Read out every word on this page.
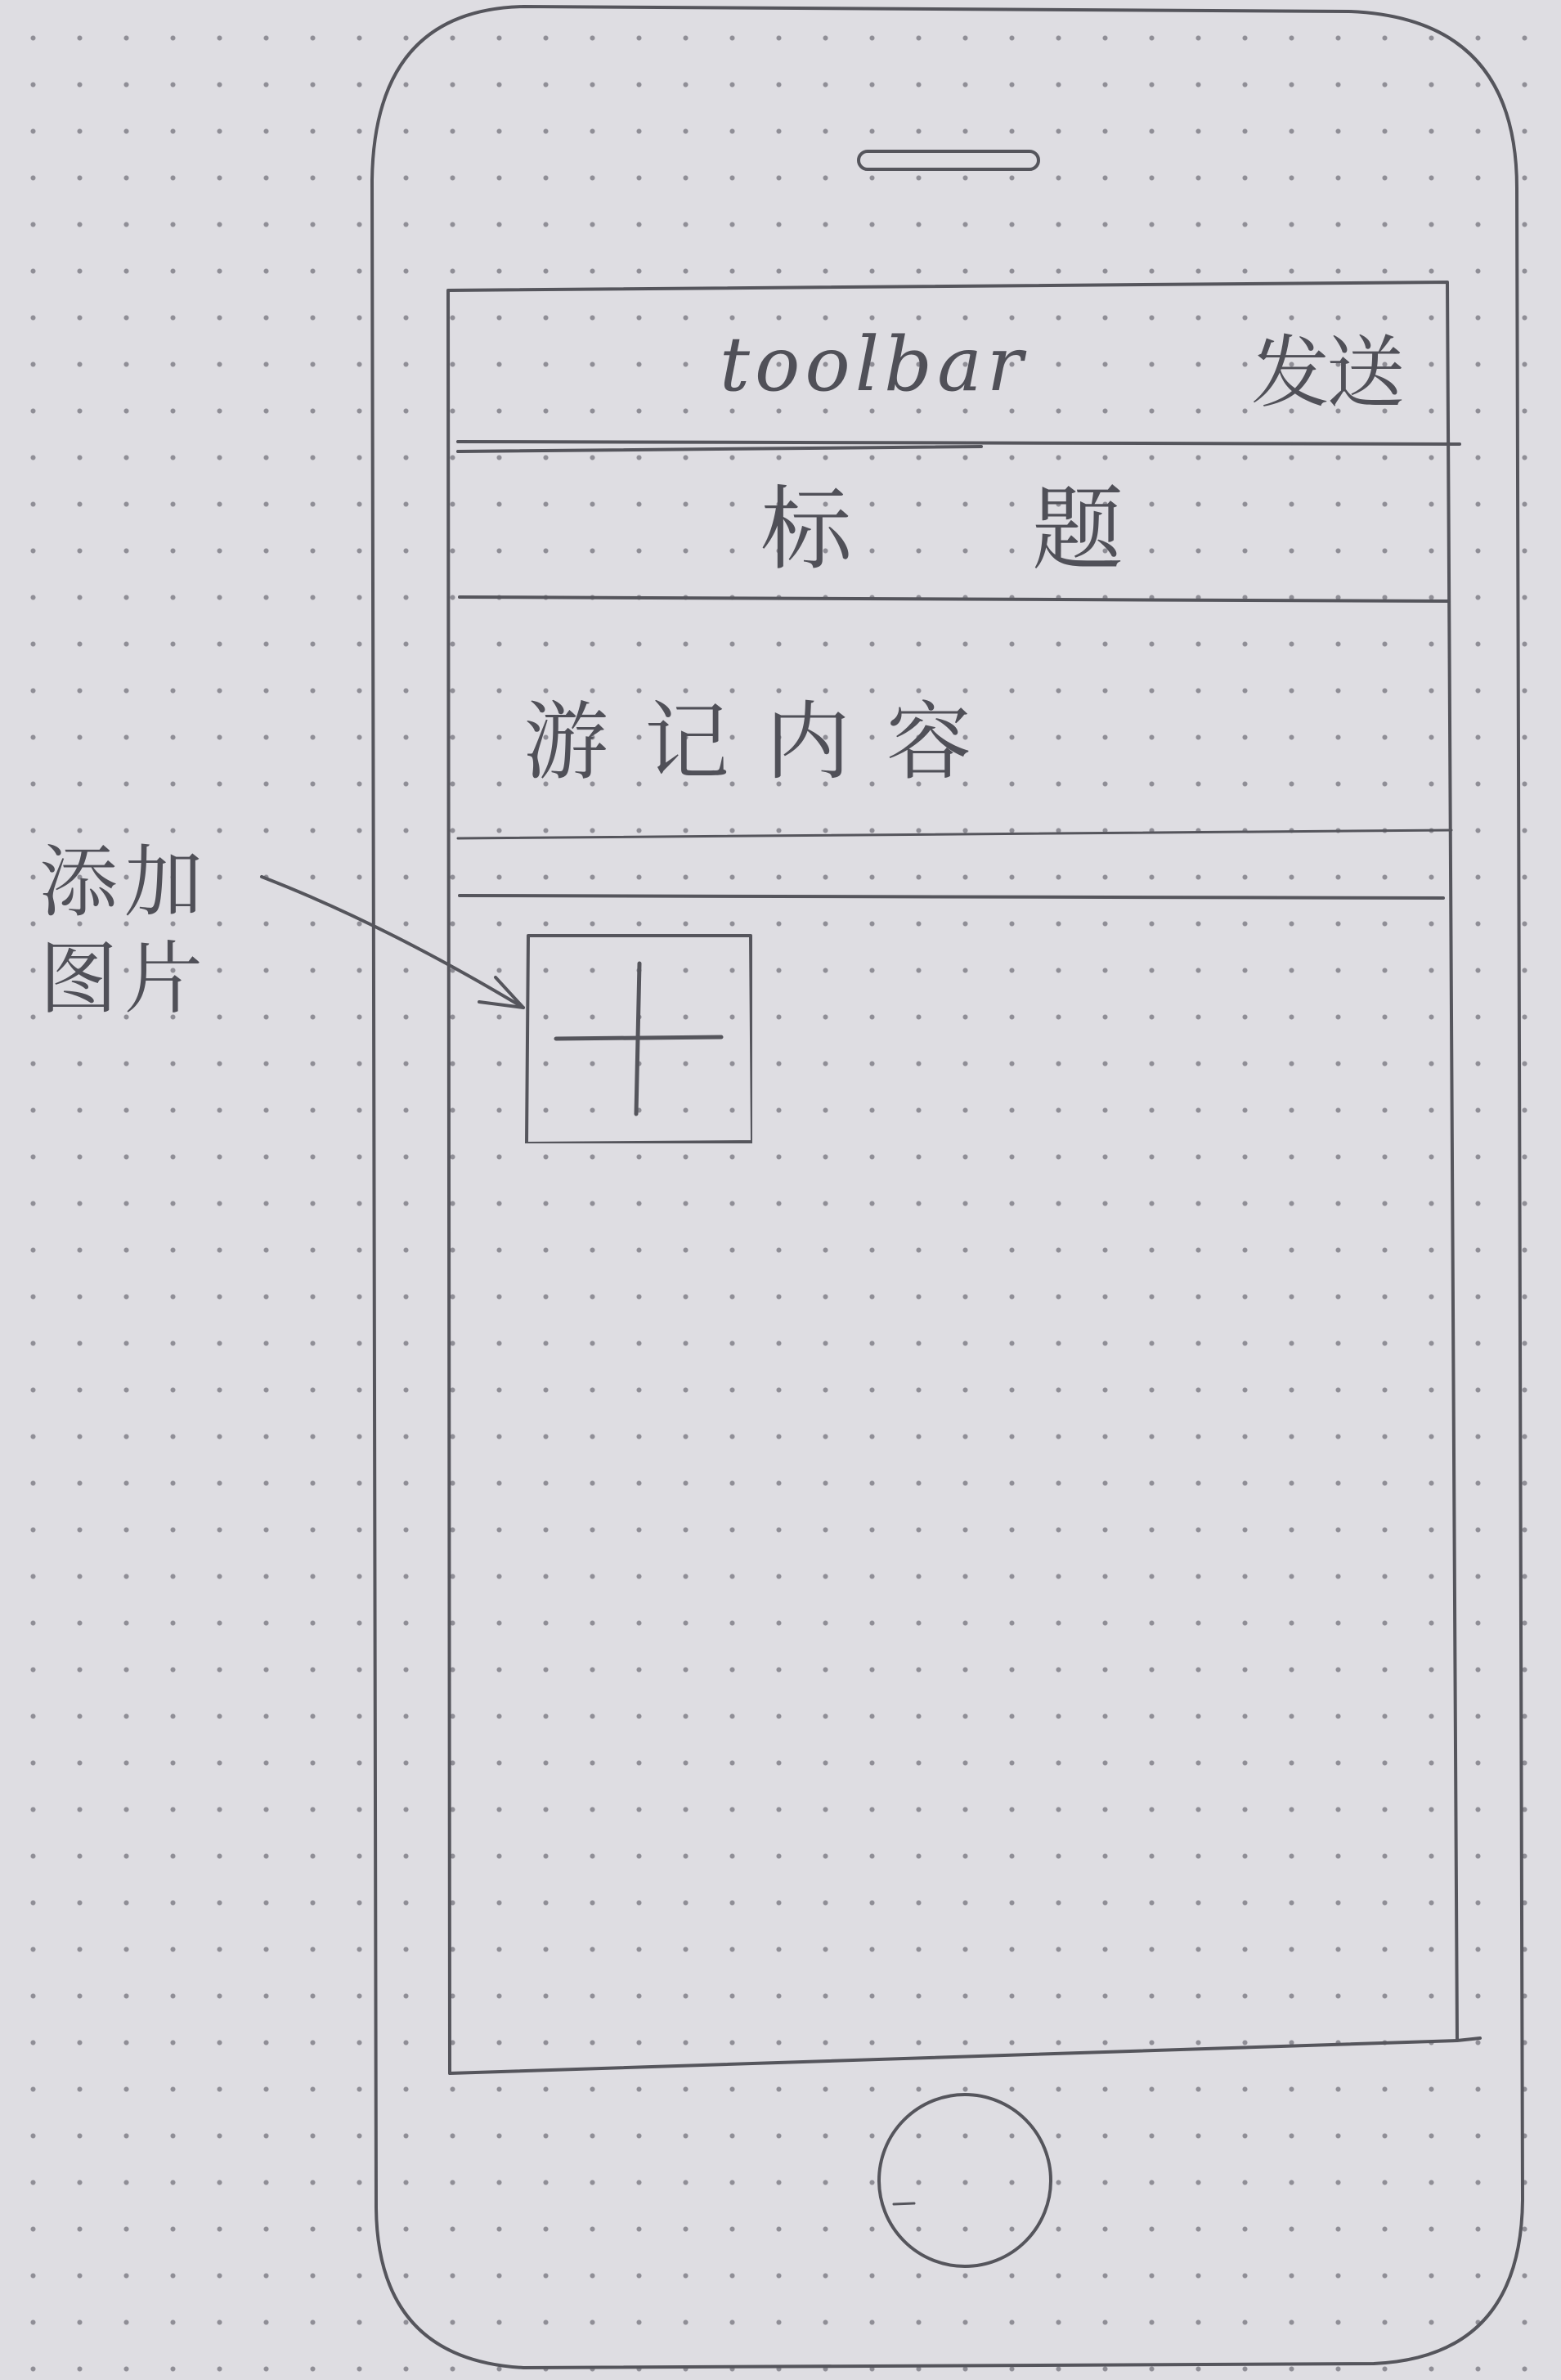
toolbar	发送
标题
游记内容
添加图片
